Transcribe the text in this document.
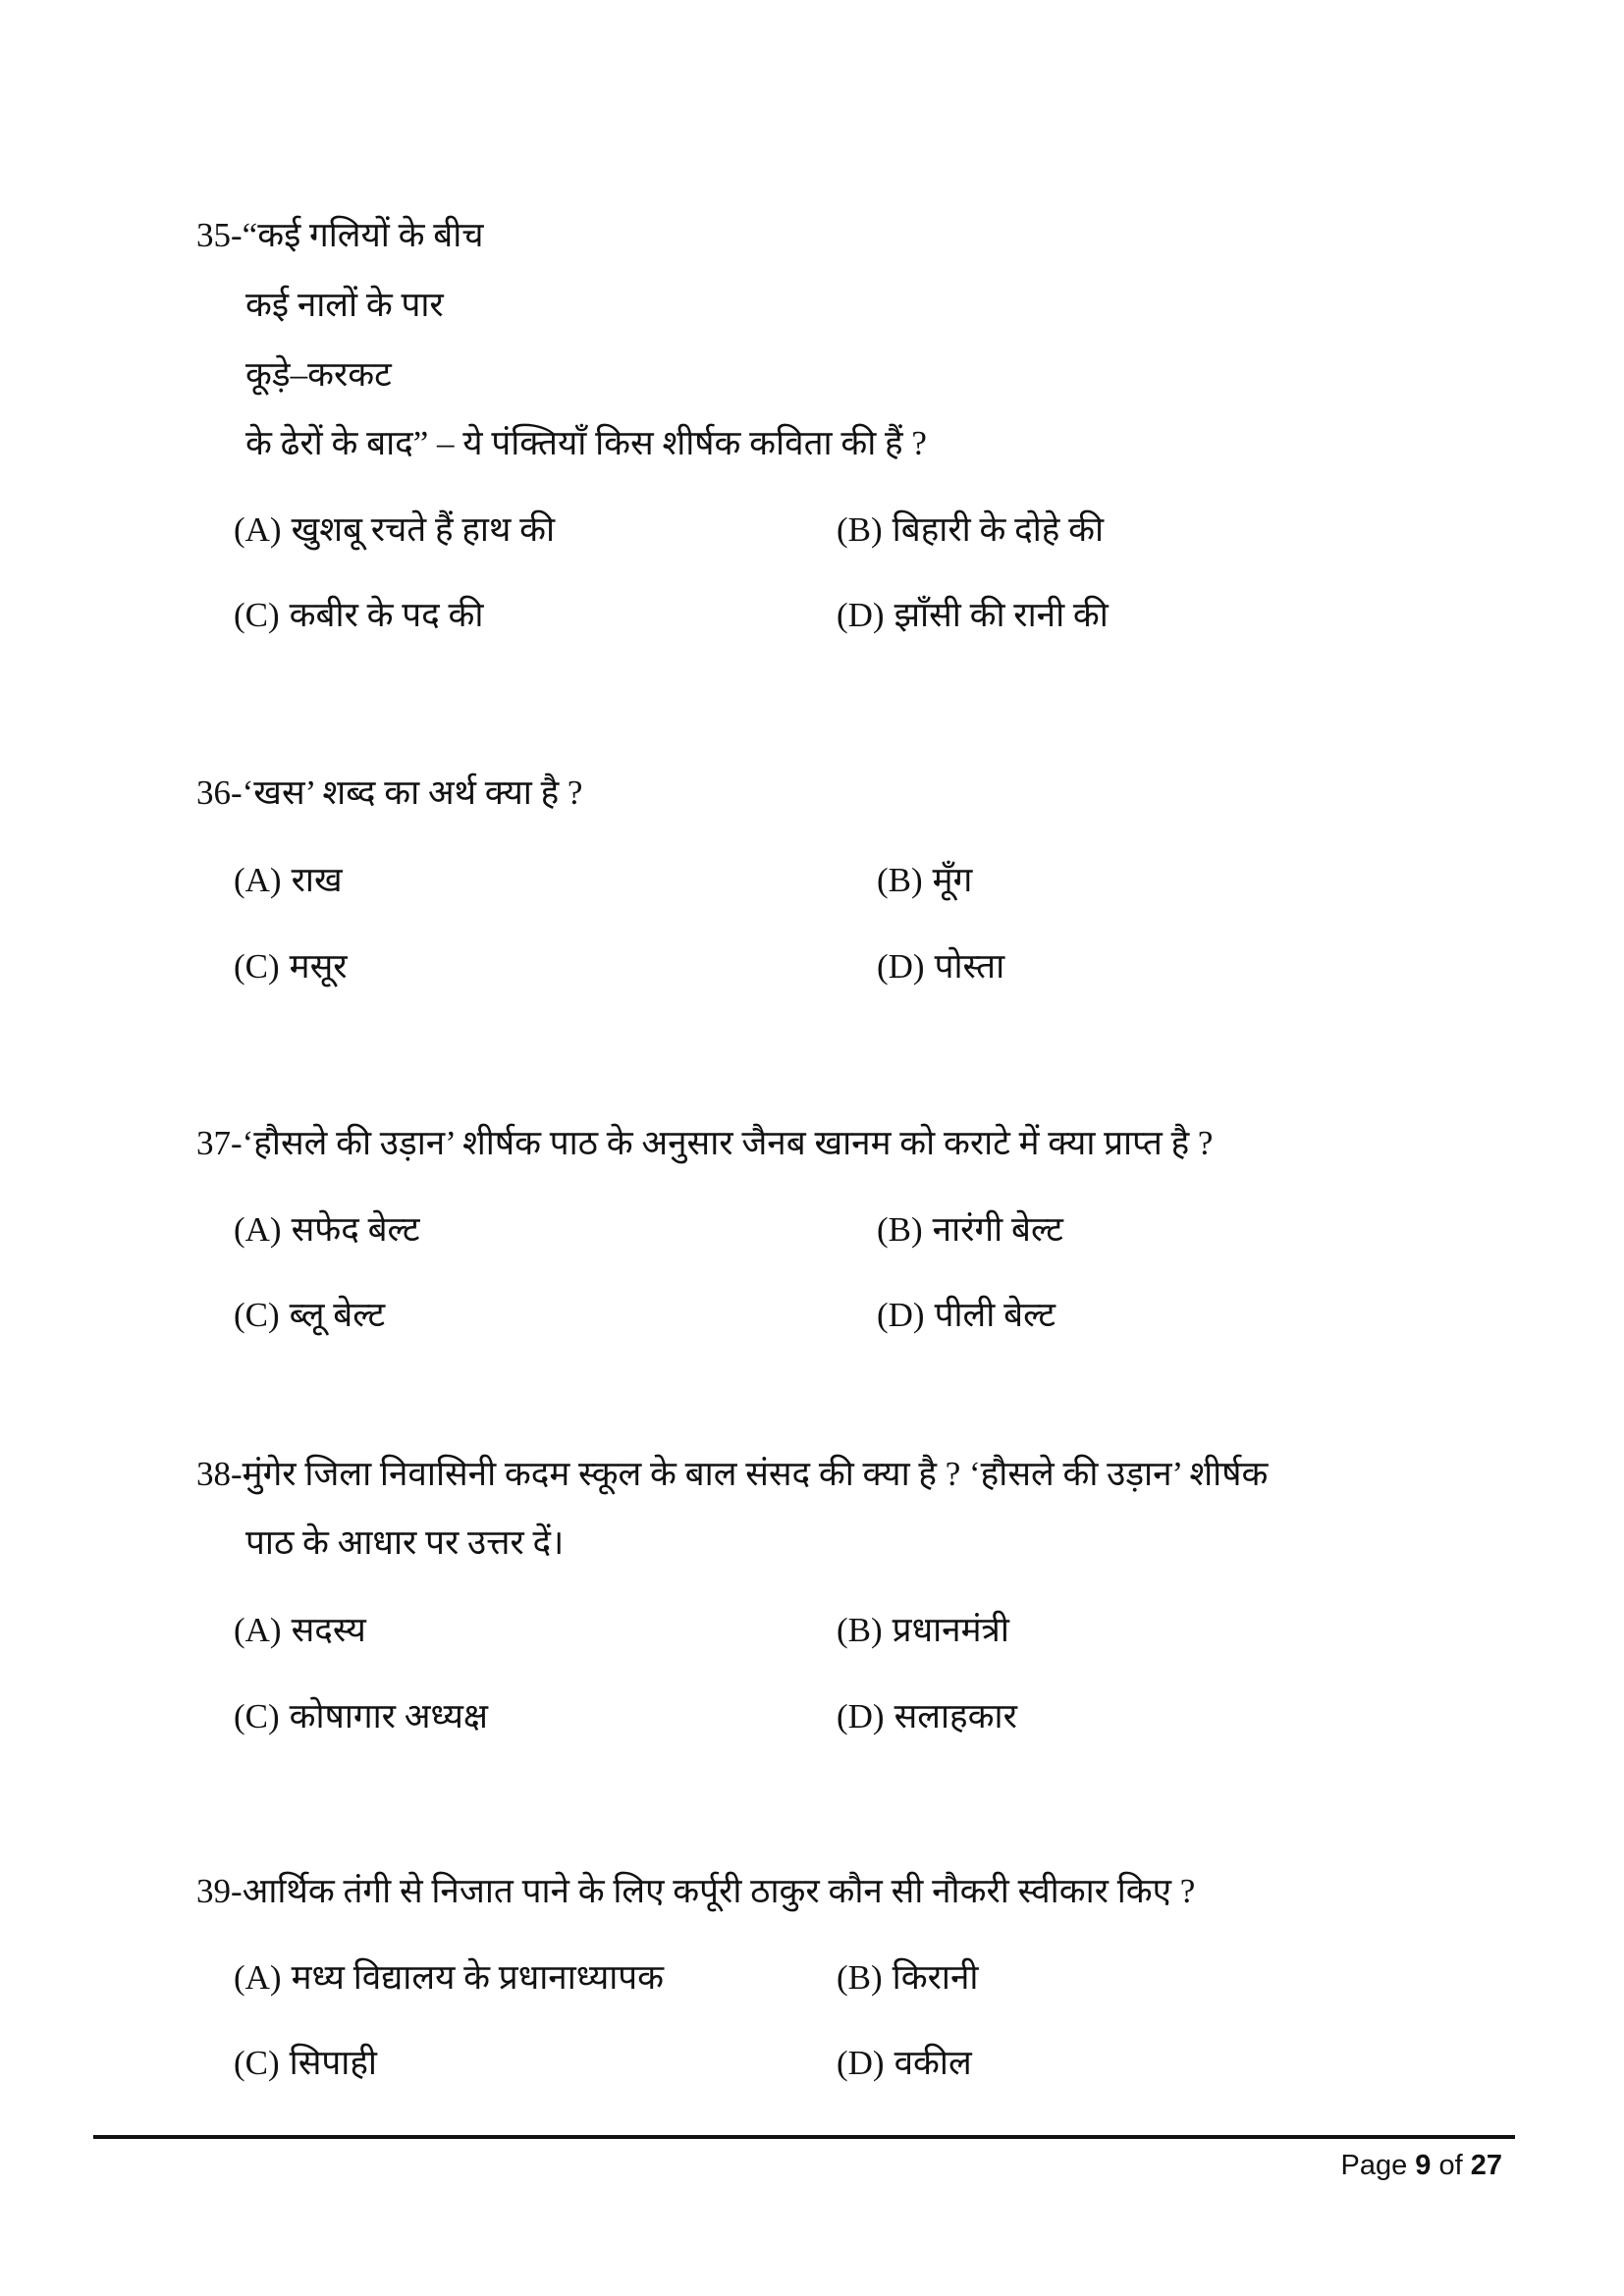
35-“कई गलियों के बीच
कई नालों के पार
कूड़े–करकट
के ढेरों के बाद” – ये पंक्तियाँ किस शीर्षक कविता की हैं ?
(A) खुशबू रचते हैं हाथ की	(B) बिहारी के दोहे की
(C) कबीर के पद की	(D) झाँसी की रानी की
36-‘खस’ शब्द का अर्थ क्या है ?
(A) राख	(B) मूँग
(C) मसूर	(D) पोस्ता
37-‘हौसले की उड़ान’ शीर्षक पाठ के अनुसार जैनब खानम को कराटे में क्या प्राप्त है ?
(A) सफेद बेल्ट	(B) नारंगी बेल्ट
(C) ब्लू बेल्ट	(D) पीली बेल्ट
38-मुंगेर जिला निवासिनी कदम स्कूल के बाल संसद की क्या है ? ‘हौसले की उड़ान’ शीर्षक
पाठ के आधार पर उत्तर दें।
(A) सदस्य	(B) प्रधानमंत्री
(C) कोषागार अध्यक्ष	(D) सलाहकार
39-आर्थिक तंगी से निजात पाने के लिए कर्पूरी ठाकुर कौन सी नौकरी स्वीकार किए ?
(A) मध्य विद्यालय के प्रधानाध्यापक	(B) किरानी
(C) सिपाही	(D) वकील
Page 9 of 27
